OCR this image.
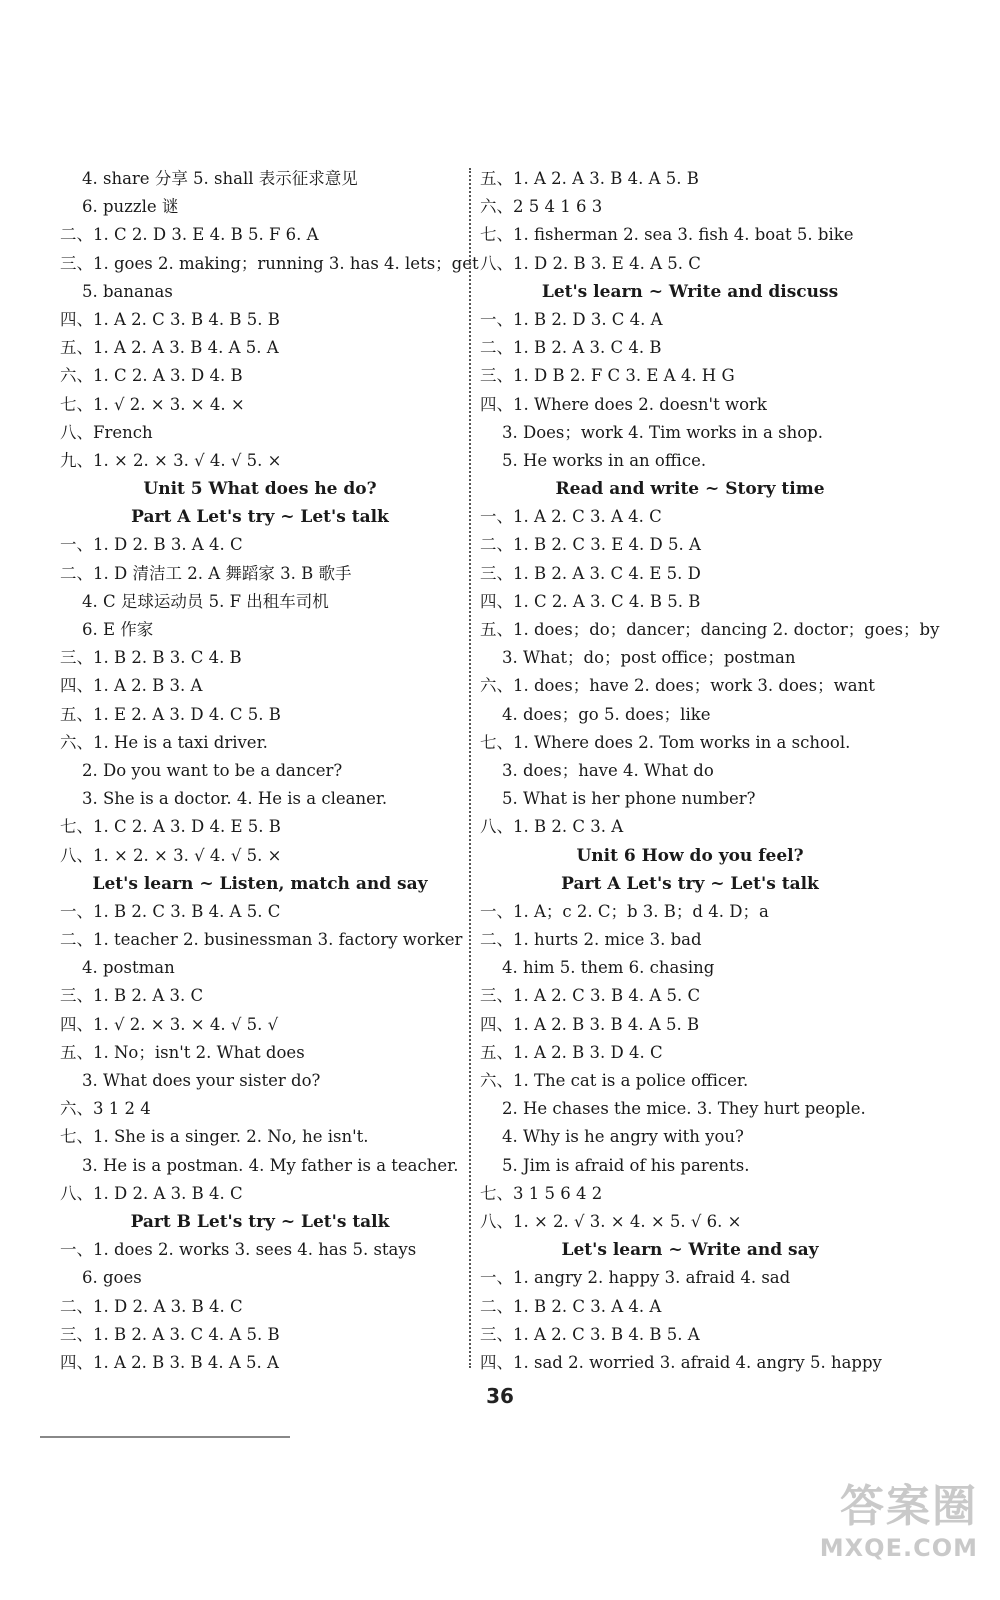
4. share 分享 5. shall 表示征求意见
6. puzzle 谜
二、1. C 2. D 3. E 4. B 5. F 6. A
三、1. goes 2. making；running 3. has 4. lets；get
5. bananas
四、1. A 2. C 3. B 4. B 5. B
五、1. A 2. A 3. B 4. A 5. A
六、1. C 2. A 3. D 4. B
七、1. √ 2. × 3. × 4. ×
八、French
九、1. × 2. × 3. √ 4. √ 5. ×
Unit 5 What does he do?
Part A Let's try ~ Let's talk
一、1. D 2. B 3. A 4. C
二、1. D 清洁工 2. A 舞蹈家 3. B 歌手
4. C 足球运动员 5. F 出租车司机
6. E 作家
三、1. B 2. B 3. C 4. B
四、1. A 2. B 3. A
五、1. E 2. A 3. D 4. C 5. B
六、1. He is a taxi driver.
2. Do you want to be a dancer?
3. She is a doctor. 4. He is a cleaner.
七、1. C 2. A 3. D 4. E 5. B
八、1. × 2. × 3. √ 4. √ 5. ×
Let's learn ~ Listen, match and say
一、1. B 2. C 3. B 4. A 5. C
二、1. teacher 2. businessman 3. factory worker
4. postman
三、1. B 2. A 3. C
四、1. √ 2. × 3. × 4. √ 5. √
五、1. No；isn't 2. What does
3. What does your sister do?
六、3 1 2 4
七、1. She is a singer. 2. No, he isn't.
3. He is a postman. 4. My father is a teacher.
八、1. D 2. A 3. B 4. C
Part B Let's try ~ Let's talk
一、1. does 2. works 3. sees 4. has 5. stays
6. goes
二、1. D 2. A 3. B 4. C
三、1. B 2. A 3. C 4. A 5. B
四、1. A 2. B 3. B 4. A 5. A
五、1. A 2. A 3. B 4. A 5. B
六、2 5 4 1 6 3
七、1. fisherman 2. sea 3. fish 4. boat 5. bike
八、1. D 2. B 3. E 4. A 5. C
Let's learn ~ Write and discuss
一、1. B 2. D 3. C 4. A
二、1. B 2. A 3. C 4. B
三、1. D B 2. F C 3. E A 4. H G
四、1. Where does 2. doesn't work
3. Does；work 4. Tim works in a shop.
5. He works in an office.
Read and write ~ Story time
一、1. A 2. C 3. A 4. C
二、1. B 2. C 3. E 4. D 5. A
三、1. B 2. A 3. C 4. E 5. D
四、1. C 2. A 3. C 4. B 5. B
五、1. does；do；dancer；dancing 2. doctor；goes；by
3. What；do；post office；postman
六、1. does；have 2. does；work 3. does；want
4. does；go 5. does；like
七、1. Where does 2. Tom works in a school.
3. does；have 4. What do
5. What is her phone number?
八、1. B 2. C 3. A
Unit 6 How do you feel?
Part A Let's try ~ Let's talk
一、1. A；c 2. C；b 3. B；d 4. D；a
二、1. hurts 2. mice 3. bad
4. him 5. them 6. chasing
三、1. A 2. C 3. B 4. A 5. C
四、1. A 2. B 3. B 4. A 5. B
五、1. A 2. B 3. D 4. C
六、1. The cat is a police officer.
2. He chases the mice. 3. They hurt people.
4. Why is he angry with you?
5. Jim is afraid of his parents.
七、3 1 5 6 4 2
八、1. × 2. √ 3. × 4. × 5. √ 6. ×
Let's learn ~ Write and say
一、1. angry 2. happy 3. afraid 4. sad
二、1. B 2. C 3. A 4. A
三、1. A 2. C 3. B 4. B 5. A
四、1. sad 2. worried 3. afraid 4. angry 5. happy
36
答案圈
MXQE.COM
